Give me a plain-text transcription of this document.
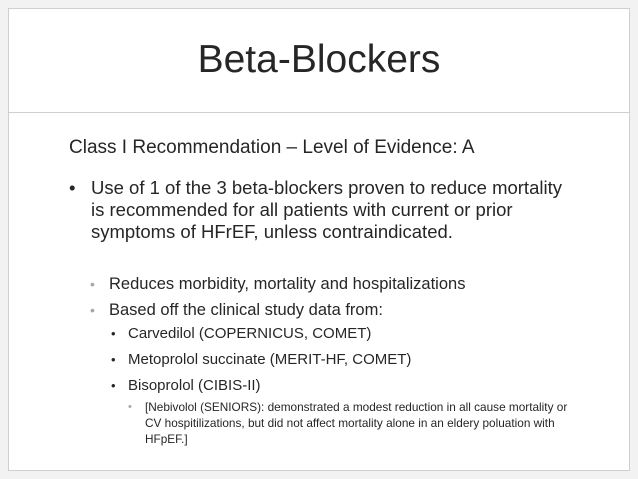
Beta-Blockers
Class I Recommendation – Level of Evidence: A
• Use of 1 of the 3 beta-blockers proven to reduce mortality is recommended for all patients with current or prior symptoms of HFrEF, unless contraindicated.
• Reduces morbidity, mortality and hospitalizations
• Based off the clinical study data from:
• Carvedilol (COPERNICUS, COMET)
• Metoprolol succinate (MERIT-HF, COMET)
• Bisoprolol (CIBIS-II)
• [Nebivolol (SENIORS): demonstrated a modest reduction in all cause mortality or CV hospitilizations, but did not affect mortality alone in an eldery poluation with HFpEF.]
